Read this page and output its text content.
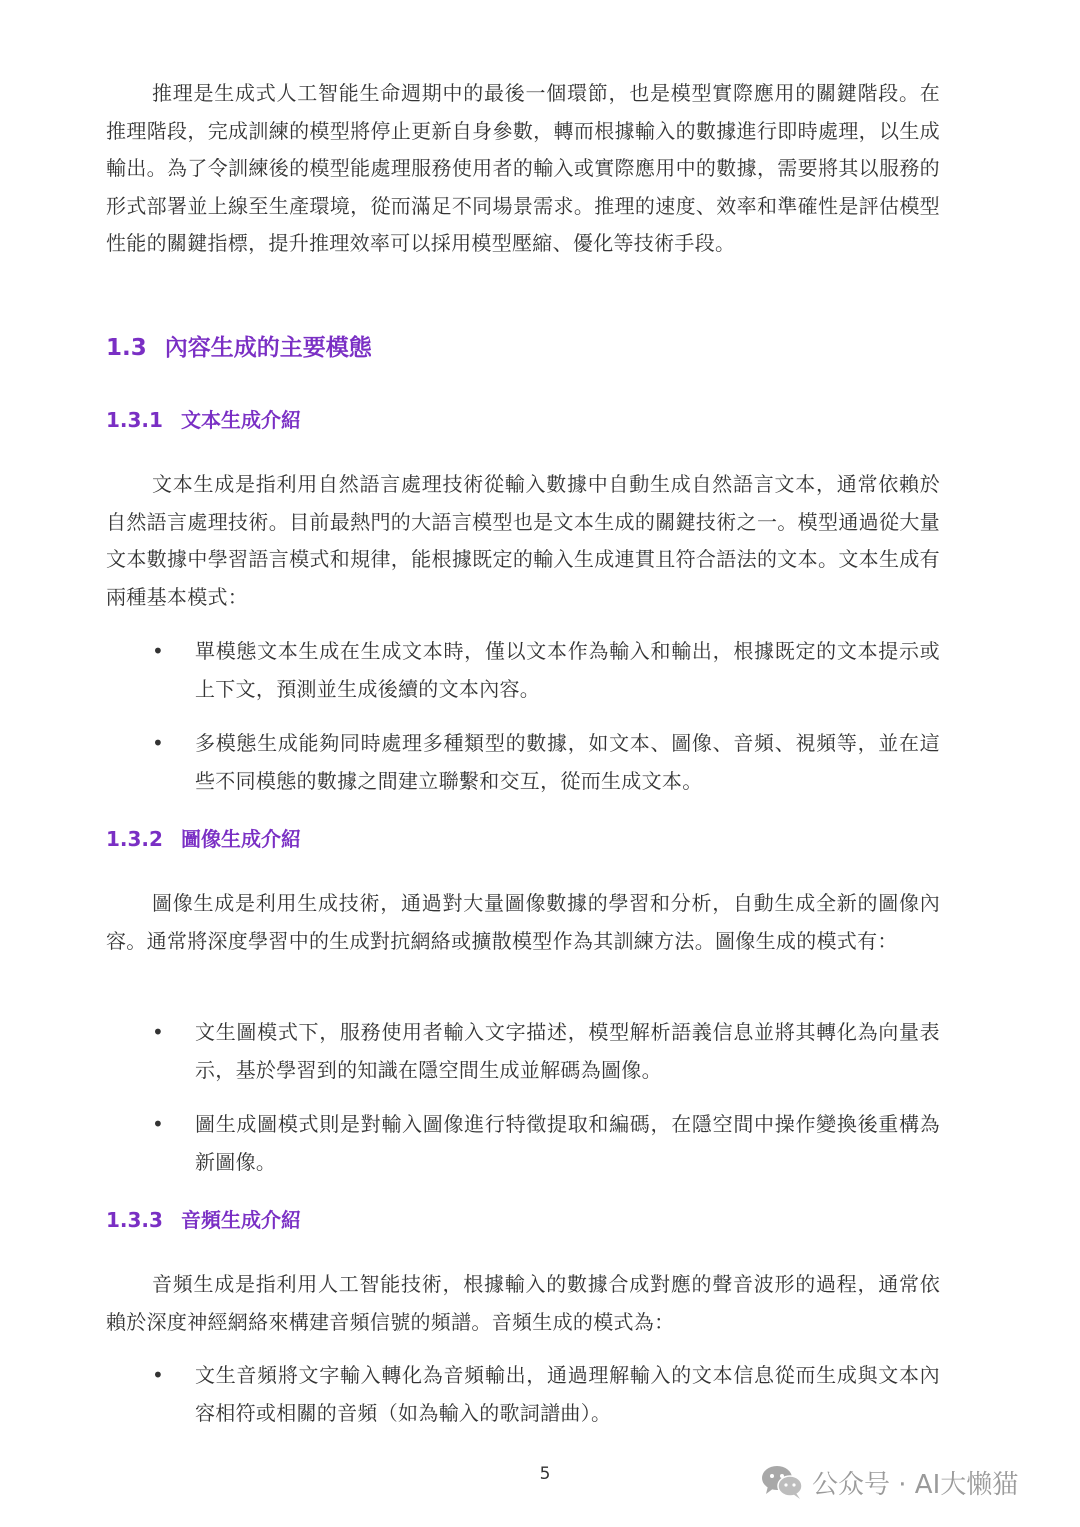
推理是生成式人工智能生命週期中的最後一個環節，也是模型實際應用的關鍵階段。在推理階段，完成訓練的模型將停止更新自身參數，轉而根據輸入的數據進行即時處理，以生成輸出。為了令訓練後的模型能處理服務使用者的輸入或實際應用中的數據，需要將其以服務的形式部署並上線至生產環境，從而滿足不同場景需求。推理的速度、效率和準確性是評估模型性能的關鍵指標，提升推理效率可以採用模型壓縮、優化等技術手段。

1.3 內容生成的主要模態
1.3.1 文本生成介紹

文本生成是指利用自然語言處理技術從輸入數據中自動生成自然語言文本，通常依賴於自然語言處理技術。目前最熱門的大語言模型也是文本生成的關鍵技術之一。模型通過從大量文本數據中學習語言模式和規律，能根據既定的輸入生成連貫且符合語法的文本。文本生成有兩種基本模式：

• 單模態文本生成在生成文本時，僅以文本作為輸入和輸出，根據既定的文本提示或上下文，預測並生成後續的文本內容。
• 多模態生成能夠同時處理多種類型的數據，如文本、圖像、音頻、視頻等，並在這些不同模態的數據之間建立聯繫和交互，從而生成文本。
1.3.2 圖像生成介紹

圖像生成是利用生成技術，通過對大量圖像數據的學習和分析，自動生成全新的圖像內容。通常將深度學習中的生成對抗網絡或擴散模型作為其訓練方法。圖像生成的模式有：

• 文生圖模式下，服務使用者輸入文字描述，模型解析語義信息並將其轉化為向量表示，基於學習到的知識在隱空間生成並解碼為圖像。
• 圖生成圖模式則是對輸入圖像進行特徵提取和編碼，在隱空間中操作變換後重構為新圖像。
1.3.3 音頻生成介紹

音頻生成是指利用人工智能技術，根據輸入的數據合成對應的聲音波形的過程，通常依賴於深度神經網絡來構建音頻信號的頻譜。音頻生成的模式為：

• 文生音頻將文字輸入轉化為音頻輸出，通過理解輸入的文本信息從而生成與文本內容相符或相關的音頻（如為輸入的歌詞譜曲）。
5	公众号 · AI大懒猫
